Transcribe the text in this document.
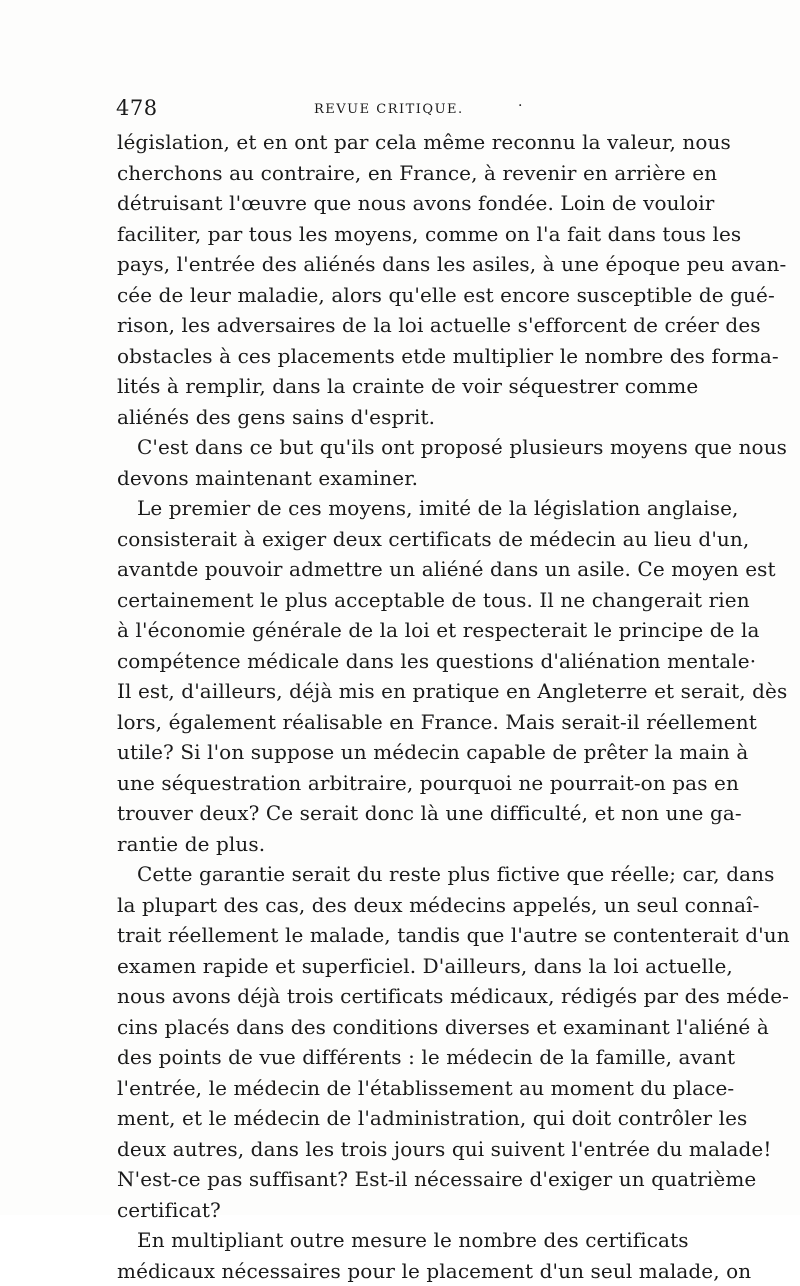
478	REVUE CRITIQUE.	·
législation, et en ont par cela même reconnu la valeur, nous
cherchons au contraire, en France, à revenir en arrière en
détruisant l'œuvre que nous avons fondée. Loin de vouloir
faciliter, par tous les moyens, comme on l'a fait dans tous les
pays, l'entrée des aliénés dans les asiles, à une époque peu avan-
cée de leur maladie, alors qu'elle est encore susceptible de gué-
rison, les adversaires de la loi actuelle s'efforcent de créer des
obstacles à ces placements etde multiplier le nombre des forma-
lités à remplir, dans la crainte de voir séquestrer comme
aliénés des gens sains d'esprit.
C'est dans ce but qu'ils ont proposé plusieurs moyens que nous
devons maintenant examiner.
Le premier de ces moyens, imité de la législation anglaise,
consisterait à exiger deux certificats de médecin au lieu d'un,
avantde pouvoir admettre un aliéné dans un asile. Ce moyen est
certainement le plus acceptable de tous. Il ne changerait rien
à l'économie générale de la loi et respecterait le principe de la
compétence médicale dans les questions d'aliénation mentale·
Il est, d'ailleurs, déjà mis en pratique en Angleterre et serait, dès
lors, également réalisable en France. Mais serait-il réellement
utile? Si l'on suppose un médecin capable de prêter la main à
une séquestration arbitraire, pourquoi ne pourrait-on pas en
trouver deux? Ce serait donc là une difficulté, et non une ga-
rantie de plus.
Cette garantie serait du reste plus fictive que réelle; car, dans
la plupart des cas, des deux médecins appelés, un seul connaî-
trait réellement le malade, tandis que l'autre se contenterait d'un
examen rapide et superficiel. D'ailleurs, dans la loi actuelle,
nous avons déjà trois certificats médicaux, rédigés par des méde-
cins placés dans des conditions diverses et examinant l'aliéné à
des points de vue différents : le médecin de la famille, avant
l'entrée, le médecin de l'établissement au moment du place-
ment, et le médecin de l'administration, qui doit contrôler les
deux autres, dans les trois jours qui suivent l'entrée du malade!
N'est-ce pas suffisant? Est-il nécessaire d'exiger un quatrième
certificat?
En multipliant outre mesure le nombre des certificats
médicaux nécessaires pour le placement d'un seul malade, on
